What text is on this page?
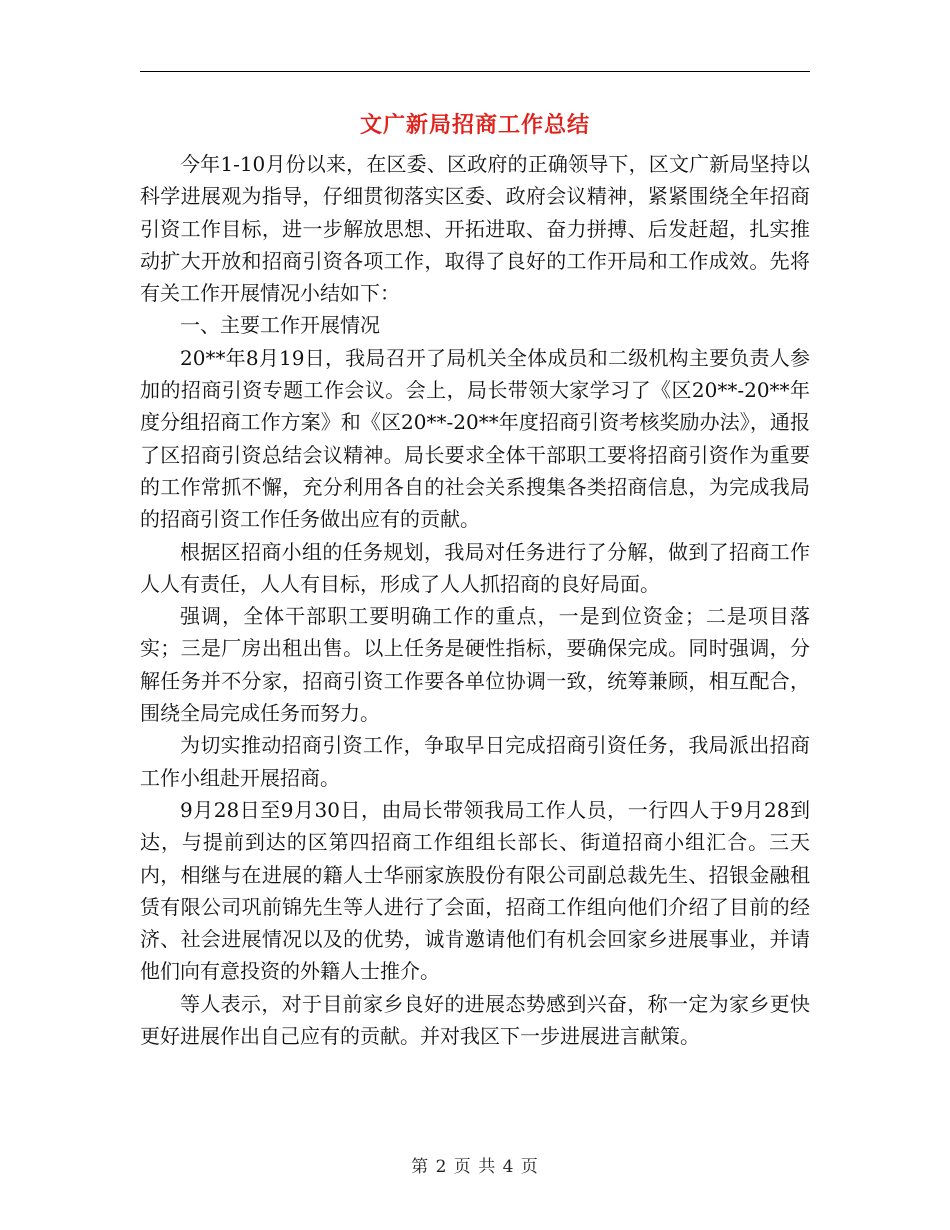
文广新局招商工作总结

今年1-10月份以来，在区委、区政府的正确领导下，区文广新局坚持以科学进展观为指导，仔细贯彻落实区委、政府会议精神，紧紧围绕全年招商引资工作目标，进一步解放思想、开拓进取、奋力拼搏、后发赶超，扎实推动扩大开放和招商引资各项工作，取得了良好的工作开局和工作成效。先将有关工作开展情况小结如下：

一、主要工作开展情况

20**年8月19日，我局召开了局机关全体成员和二级机构主要负责人参加的招商引资专题工作会议。会上，局长带领大家学习了《区20**-20**年度分组招商工作方案》和《区20**-20**年度招商引资考核奖励办法》，通报了区招商引资总结会议精神。局长要求全体干部职工要将招商引资作为重要的工作常抓不懈，充分利用各自的社会关系搜集各类招商信息，为完成我局的招商引资工作任务做出应有的贡献。

根据区招商小组的任务规划，我局对任务进行了分解，做到了招商工作人人有责任，人人有目标，形成了人人抓招商的良好局面。

强调，全体干部职工要明确工作的重点，一是到位资金；二是项目落实；三是厂房出租出售。以上任务是硬性指标，要确保完成。同时强调，分解任务并不分家，招商引资工作要各单位协调一致，统筹兼顾，相互配合，围绕全局完成任务而努力。

为切实推动招商引资工作，争取早日完成招商引资任务，我局派出招商工作小组赴开展招商。

9月28日至9月30日，由局长带领我局工作人员，一行四人于9月28到达，与提前到达的区第四招商工作组组长部长、街道招商小组汇合。三天内，相继与在进展的籍人士华丽家族股份有限公司副总裁先生、招银金融租赁有限公司巩前锦先生等人进行了会面，招商工作组向他们介绍了目前的经济、社会进展情况以及的优势，诚肯邀请他们有机会回家乡进展事业，并请他们向有意投资的外籍人士推介。

等人表示，对于目前家乡良好的进展态势感到兴奋，称一定为家乡更快更好进展作出自己应有的贡献。并对我区下一步进展进言献策。

第 2 页 共 4 页
